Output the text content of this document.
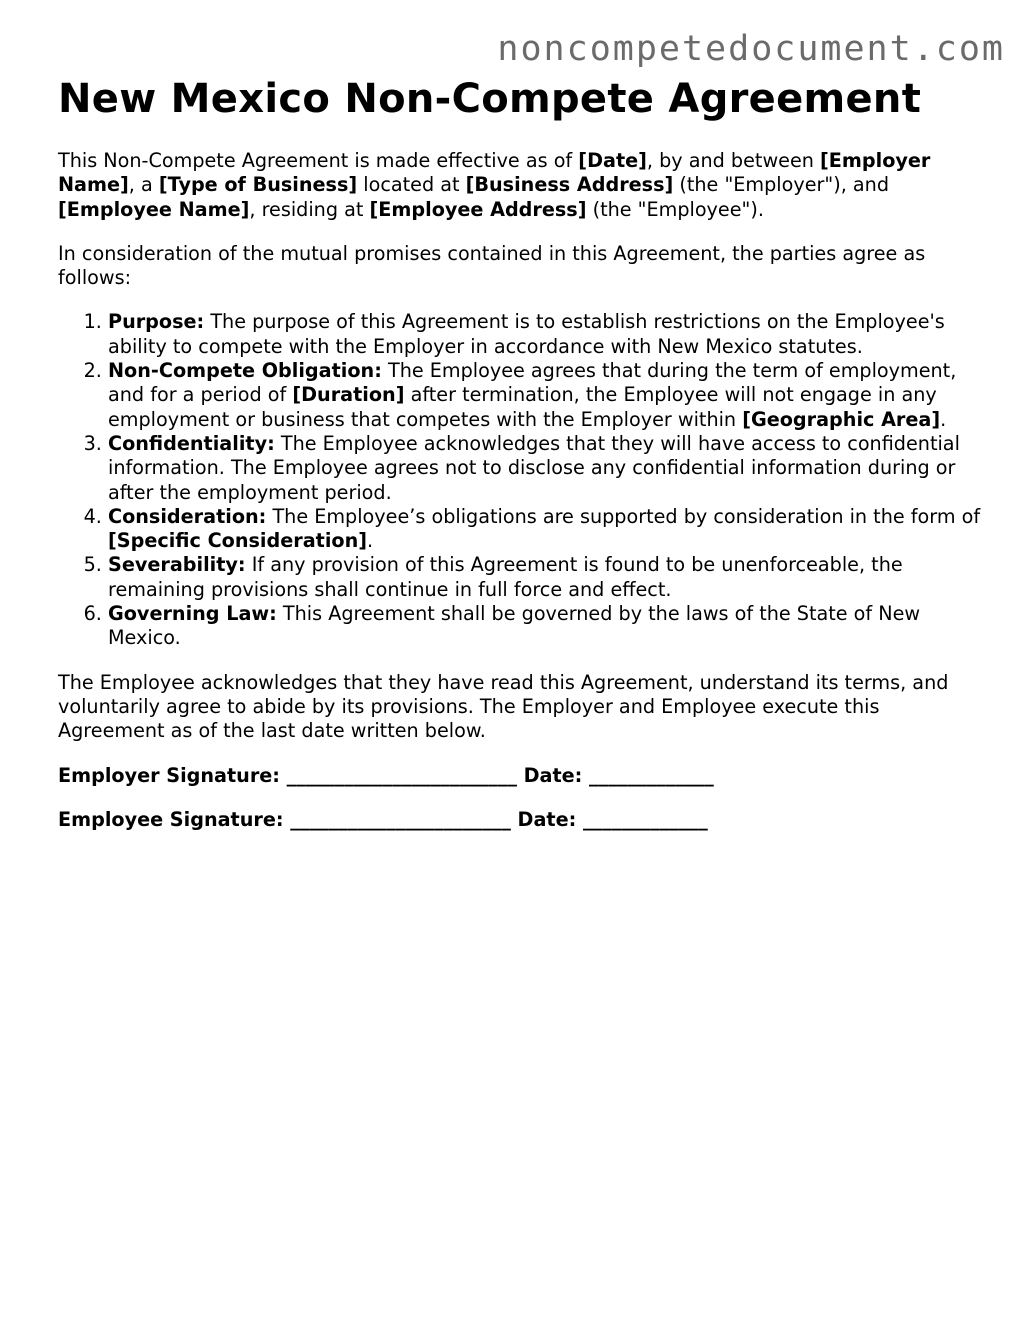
noncompetedocument.com
New Mexico Non-Compete Agreement

This Non-Compete Agreement is made effective as of [Date], by and between [Employer Name], a [Type of Business] located at [Business Address] (the "Employer"), and [Employee Name], residing at [Employee Address] (the "Employee").

In consideration of the mutual promises contained in this Agreement, the parties agree as follows:

1. Purpose: The purpose of this Agreement is to establish restrictions on the Employee's ability to compete with the Employer in accordance with New Mexico statutes.
2. Non-Compete Obligation: The Employee agrees that during the term of employment, and for a period of [Duration] after termination, the Employee will not engage in any employment or business that competes with the Employer within [Geographic Area].
3. Confidentiality: The Employee acknowledges that they will have access to confidential information. The Employee agrees not to disclose any confidential information during or after the employment period.
4. Consideration: The Employee’s obligations are supported by consideration in the form of [Specific Consideration].
5. Severability: If any provision of this Agreement is found to be unenforceable, the remaining provisions shall continue in full force and effect.
6. Governing Law: This Agreement shall be governed by the laws of the State of New Mexico.

The Employee acknowledges that they have read this Agreement, understand its terms, and voluntarily agree to abide by its provisions. The Employer and Employee execute this Agreement as of the last date written below.

Employer Signature: ________________________ Date: _____________

Employee Signature: _______________________ Date: _____________
